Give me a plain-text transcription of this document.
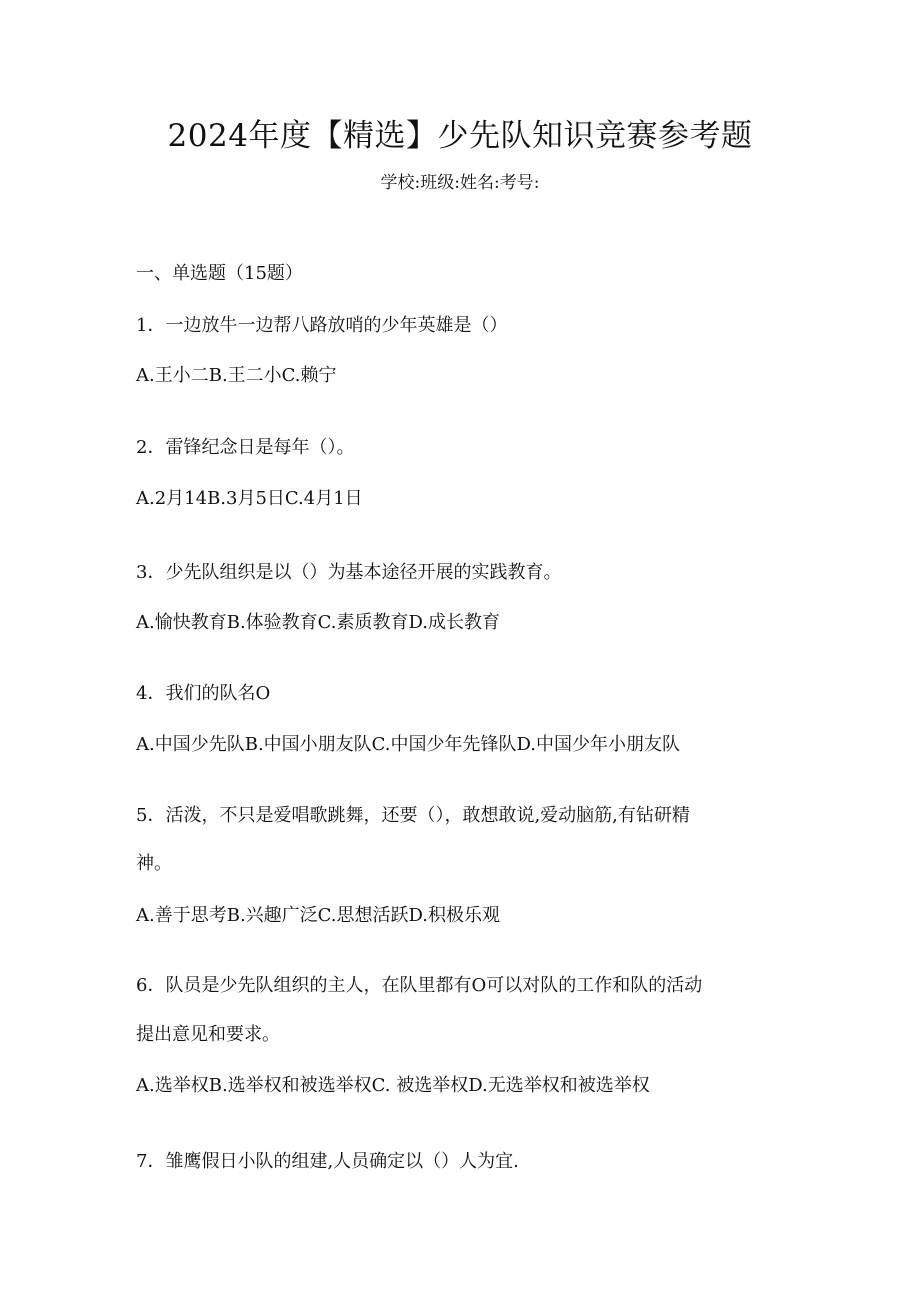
2024年度【精选】少先队知识竞赛参考题
学校:班级:姓名:考号:
一、单选题（15题）
1．一边放牛一边帮八路放哨的少年英雄是（）
A.王小二B.王二小C.赖宁
2．雷锋纪念日是每年（）。
A.2月14B.3月5日C.4月1日
3．少先队组织是以（）为基本途径开展的实践教育。
A.愉快教育B.体验教育C.素质教育D.成长教育
4．我们的队名O
A.中国少先队B.中国小朋友队C.中国少年先锋队D.中国少年小朋友队
5．活泼，不只是爱唱歌跳舞，还要（），敢想敢说,爱动脑筋,有钻研精
神。
A.善于思考B.兴趣广泛C.思想活跃D.积极乐观
6．队员是少先队组织的主人，在队里都有O可以对队的工作和队的活动
提出意见和要求。
A.选举权B.选举权和被选举权C. 被选举权D.无选举权和被选举权
7．雏鹰假日小队的组建,人员确定以（）人为宜.
